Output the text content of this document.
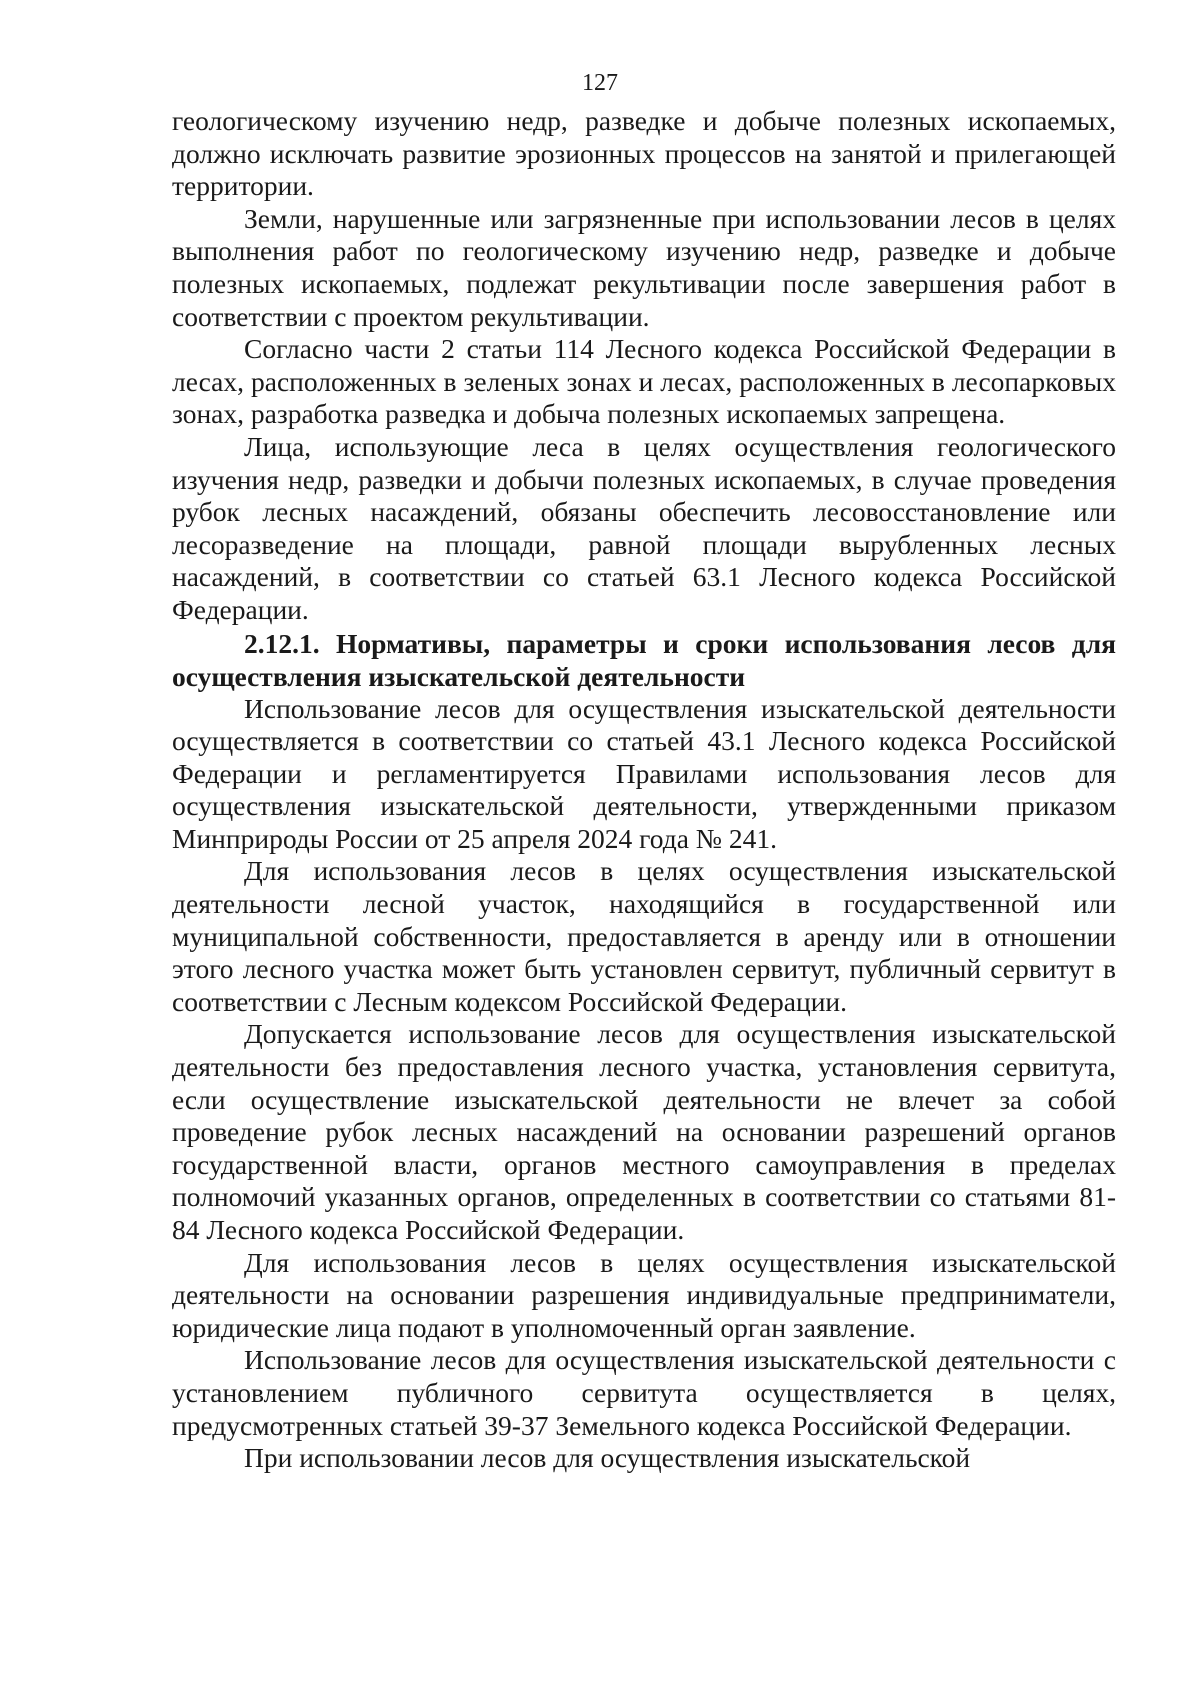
127

геологическому изучению недр, разведке и добыче полезных ископаемых, должно исключать развитие эрозионных процессов на занятой и прилегающей территории.

Земли, нарушенные или загрязненные при использовании лесов в целях выполнения работ по геологическому изучению недр, разведке и добыче полезных ископаемых, подлежат рекультивации после завершения работ в соответствии с проектом рекультивации.

Согласно части 2 статьи 114 Лесного кодекса Российской Федерации в лесах, расположенных в зеленых зонах и лесах, расположенных в лесопарковых зонах, разработка разведка и добыча полезных ископаемых запрещена.

Лица, использующие леса в целях осуществления геологического изучения недр, разведки и добычи полезных ископаемых, в случае проведения рубок лесных насаждений, обязаны обеспечить лесовосстановление или лесоразведение на площади, равной площади вырубленных лесных насаждений, в соответствии со статьей 63.1 Лесного кодекса Российской Федерации.

2.12.1. Нормативы, параметры и сроки использования лесов для осуществления изыскательской деятельности

Использование лесов для осуществления изыскательской деятельности осуществляется в соответствии со статьей 43.1 Лесного кодекса Российской Федерации и регламентируется Правилами использования лесов для осуществления изыскательской деятельности, утвержденными приказом Минприроды России от 25 апреля 2024 года № 241.

Для использования лесов в целях осуществления изыскательской деятельности лесной участок, находящийся в государственной или муниципальной собственности, предоставляется в аренду или в отношении этого лесного участка может быть установлен сервитут, публичный сервитут в соответствии с Лесным кодексом Российской Федерации.

Допускается использование лесов для осуществления изыскательской деятельности без предоставления лесного участка, установления сервитута, если осуществление изыскательской деятельности не влечет за собой проведение рубок лесных насаждений на основании разрешений органов государственной власти, органов местного самоуправления в пределах полномочий указанных органов, определенных в соответствии со статьями 81-84 Лесного кодекса Российской Федерации.

Для использования лесов в целях осуществления изыскательской деятельности на основании разрешения индивидуальные предприниматели, юридические лица подают в уполномоченный орган заявление.

Использование лесов для осуществления изыскательской деятельности с установлением публичного сервитута осуществляется в целях, предусмотренных статьей 39-37 Земельного кодекса Российской Федерации.

При использовании лесов для осуществления изыскательской
